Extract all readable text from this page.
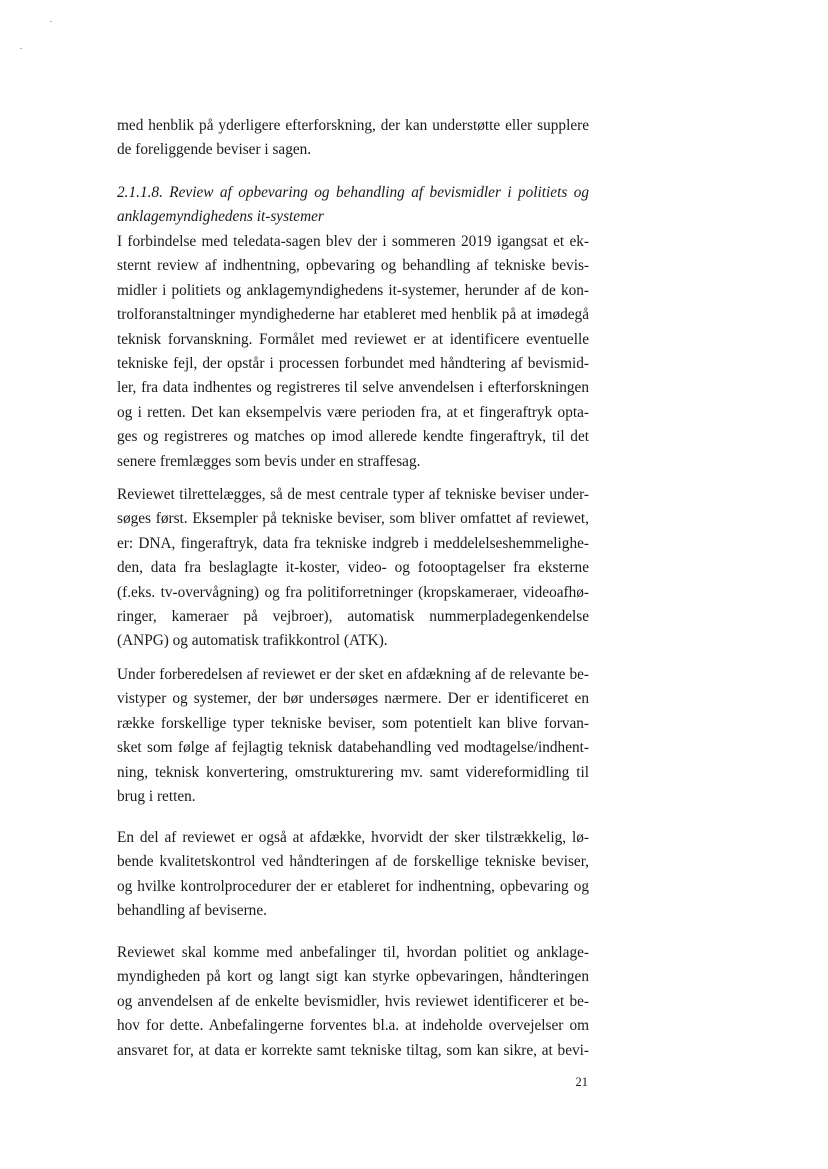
med henblik på yderligere efterforskning, der kan understøtte eller supplere
de foreliggende beviser i sagen.
2.1.1.8. Review af opbevaring og behandling af bevismidler i politiets og
anklagemyndighedens it-systemer
I forbindelse med teledata-sagen blev der i sommeren 2019 igangsat et ek-
sternt review af indhentning, opbevaring og behandling af tekniske bevis-
midler i politiets og anklagemyndighedens it-systemer, herunder af de kon-
trolforanstaltninger myndighederne har etableret med henblik på at imødegå
teknisk forvanskning. Formålet med reviewet er at identificere eventuelle
tekniske fejl, der opstår i processen forbundet med håndtering af bevismid-
ler, fra data indhentes og registreres til selve anvendelsen i efterforskningen
og i retten. Det kan eksempelvis være perioden fra, at et fingeraftryk opta-
ges og registreres og matches op imod allerede kendte fingeraftryk, til det
senere fremlægges som bevis under en straffesag.
Reviewet tilrettelægges, så de mest centrale typer af tekniske beviser under-
søges først. Eksempler på tekniske beviser, som bliver omfattet af reviewet,
er: DNA, fingeraftryk, data fra tekniske indgreb i meddelelseshemmelighe-
den, data fra beslaglagte it-koster, video- og fotooptagelser fra eksterne
(f.eks. tv-overvågning) og fra politiforretninger (kropskameraer, videoafhø-
ringer, kameraer på vejbroer), automatisk nummerpladegenkendelse
(ANPG) og automatisk trafikkontrol (ATK).
Under forberedelsen af reviewet er der sket en afdækning af de relevante be-
vistyper og systemer, der bør undersøges nærmere. Der er identificeret en
række forskellige typer tekniske beviser, som potentielt kan blive forvan-
sket som følge af fejlagtig teknisk databehandling ved modtagelse/indhent-
ning, teknisk konvertering, omstrukturering mv. samt videreformidling til
brug i retten.
En del af reviewet er også at afdække, hvorvidt der sker tilstrækkelig, lø-
bende kvalitetskontrol ved håndteringen af de forskellige tekniske beviser,
og hvilke kontrolprocedurer der er etableret for indhentning, opbevaring og
behandling af beviserne.
Reviewet skal komme med anbefalinger til, hvordan politiet og anklage-
myndigheden på kort og langt sigt kan styrke opbevaringen, håndteringen
og anvendelsen af de enkelte bevismidler, hvis reviewet identificerer et be-
hov for dette. Anbefalingerne forventes bl.a. at indeholde overvejelser om
ansvaret for, at data er korrekte samt tekniske tiltag, som kan sikre, at bevi-
21
